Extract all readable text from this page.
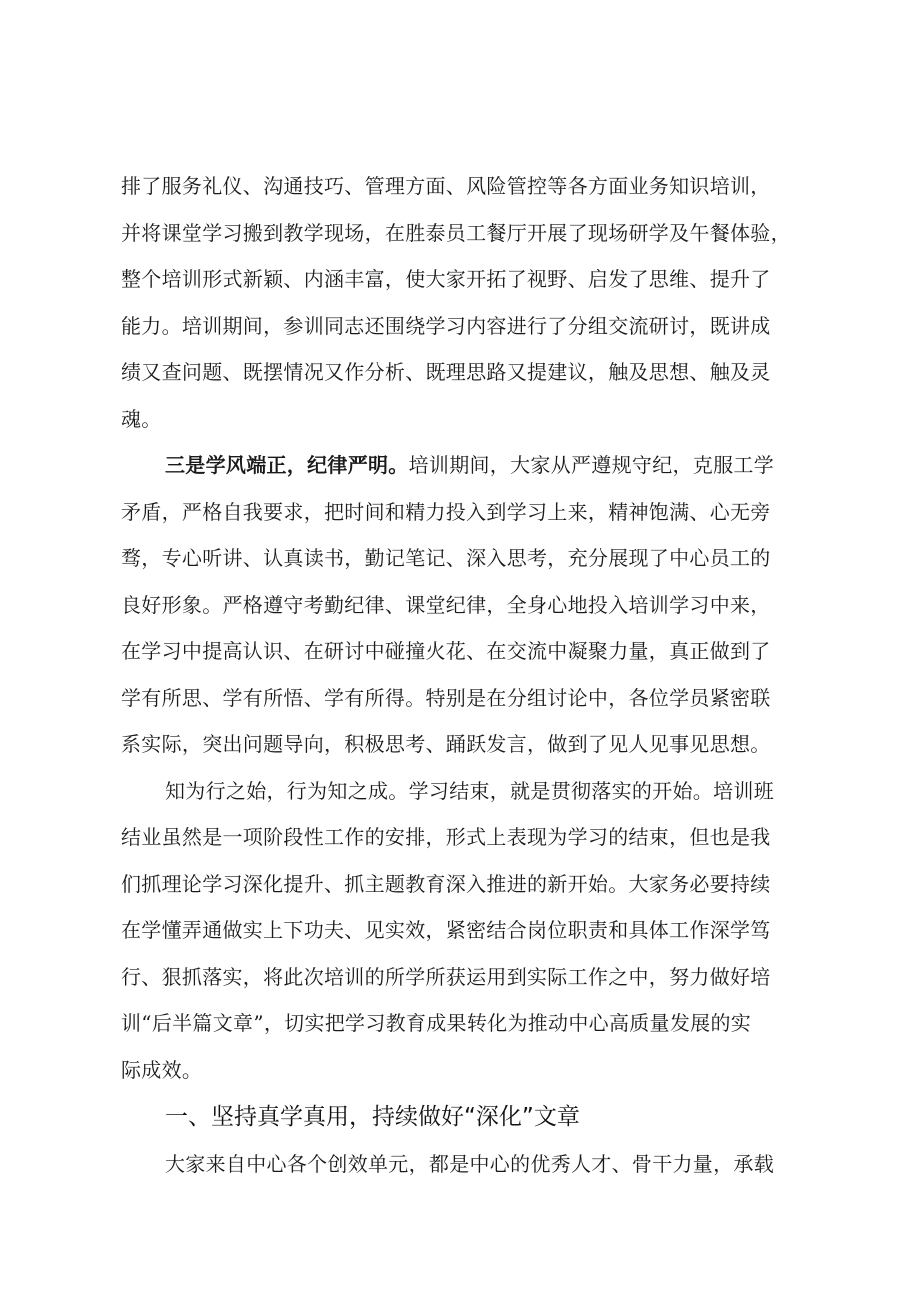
排了服务礼仪、沟通技巧、管理方面、风险管控等各方面业务知识培训，
并将课堂学习搬到教学现场，在胜泰员工餐厅开展了现场研学及午餐体验，
整个培训形式新颖、内涵丰富，使大家开拓了视野、启发了思维、提升了
能力。培训期间，参训同志还围绕学习内容进行了分组交流研讨，既讲成
绩又查问题、既摆情况又作分析、既理思路又提建议，触及思想、触及灵
魂。
三是学风端正，纪律严明。培训期间，大家从严遵规守纪，克服工学
矛盾，严格自我要求，把时间和精力投入到学习上来，精神饱满、心无旁
骛，专心听讲、认真读书，勤记笔记、深入思考，充分展现了中心员工的
良好形象。严格遵守考勤纪律、课堂纪律，全身心地投入培训学习中来，
在学习中提高认识、在研讨中碰撞火花、在交流中凝聚力量，真正做到了
学有所思、学有所悟、学有所得。特别是在分组讨论中，各位学员紧密联
系实际，突出问题导向，积极思考、踊跃发言，做到了见人见事见思想。
知为行之始，行为知之成。学习结束，就是贯彻落实的开始。培训班
结业虽然是一项阶段性工作的安排，形式上表现为学习的结束，但也是我
们抓理论学习深化提升、抓主题教育深入推进的新开始。大家务必要持续
在学懂弄通做实上下功夫、见实效，紧密结合岗位职责和具体工作深学笃
行、狠抓落实，将此次培训的所学所获运用到实际工作之中，努力做好培
训“后半篇文章”，切实把学习教育成果转化为推动中心高质量发展的实
际成效。
一、坚持真学真用，持续做好“深化”文章
大家来自中心各个创效单元，都是中心的优秀人才、骨干力量，承载
